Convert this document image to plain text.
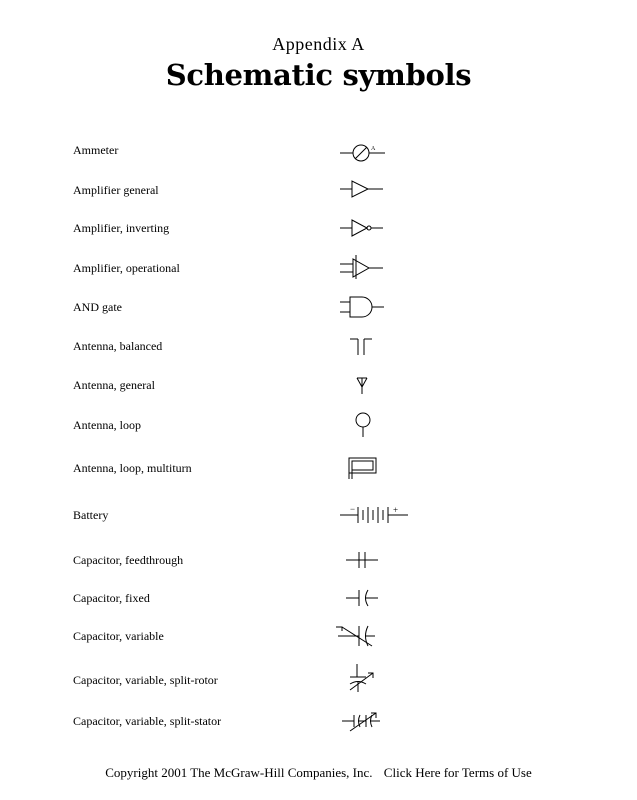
Appendix A
Schematic symbols
Ammeter
Amplifier general
Amplifier, inverting
Amplifier, operational
AND gate
Antenna, balanced
Antenna, general
Antenna, loop
Antenna, loop, multiturn
Battery
Capacitor, feedthrough
Capacitor, fixed
Capacitor, variable
Capacitor, variable, split-rotor
Capacitor, variable, split-stator
A
−	+
Copyright 2001 The McGraw-Hill Companies, Inc. Click Here for Terms of Use
